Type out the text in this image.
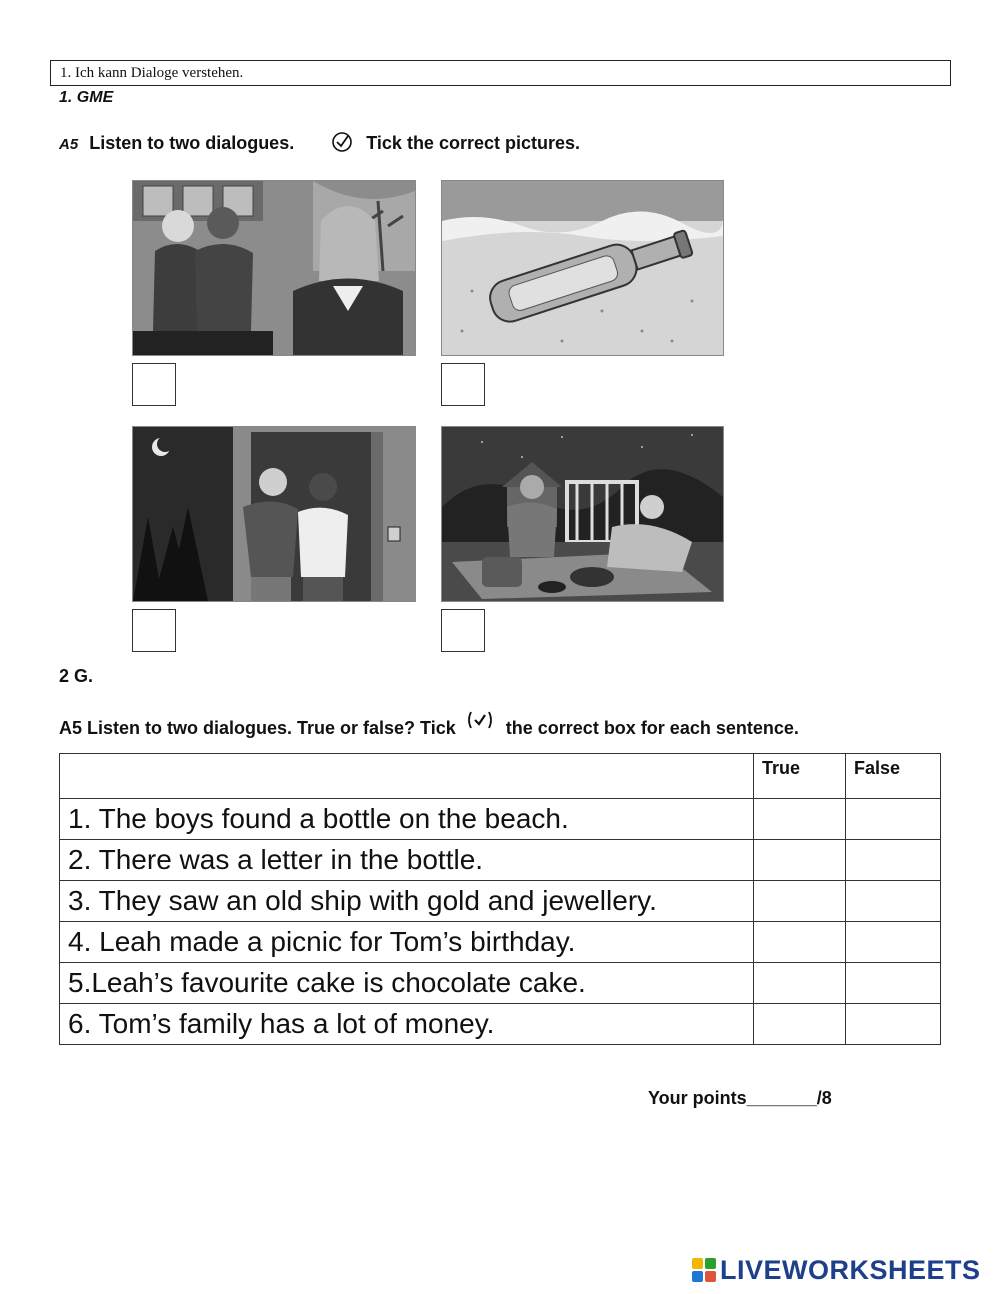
1. Ich kann Dialoge verstehen.
1. GME
A5 Listen to two dialogues.	Tick the correct pictures.
2 G.
A5 Listen to two dialogues. True or false? Tick	the correct box for each sentence.
	True	False
1. The boys found a bottle on the beach.		
2. There was a letter in the bottle.		
3. They saw an old ship with gold and jewellery.		
4. Leah made a picnic for Tom’s birthday.		
5.Leah’s favourite cake is chocolate cake.		
6. Tom’s family has a lot of money.		
Your points_______/8
LIVEWORKSHEETS
